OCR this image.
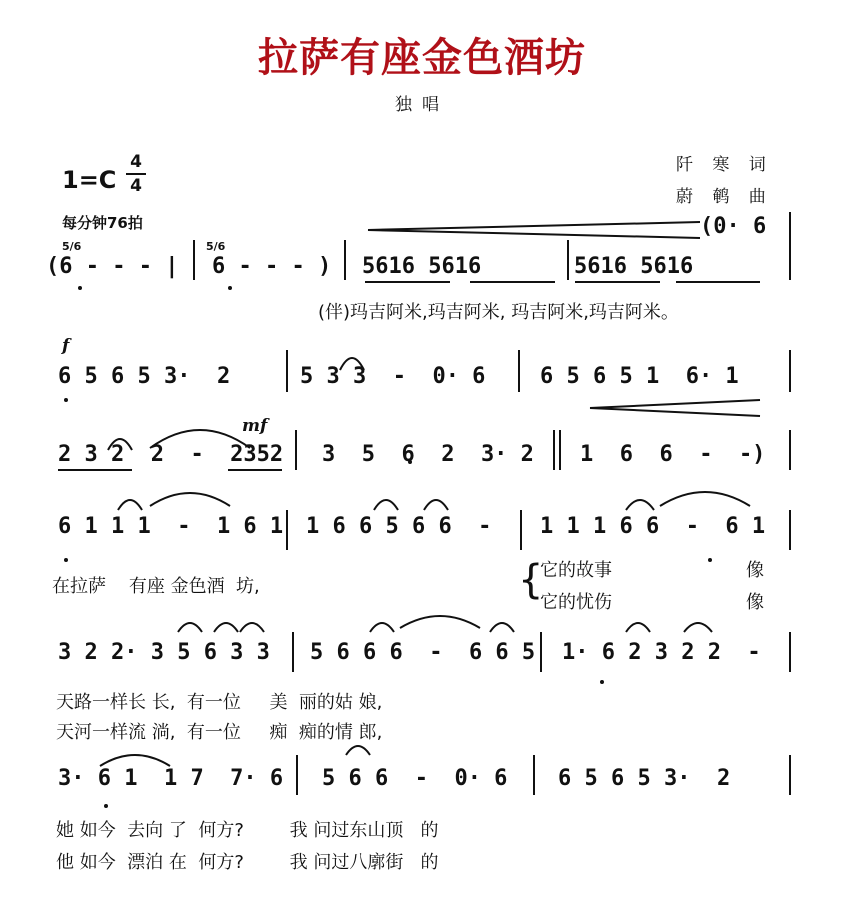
拉萨有座金色酒坊
独唱
1=C
4
4
每分钟76拍
阡 寒 词
蔚 鹌 曲
5/6
(6 - - - |
5/6
6 - - - ) 5616 5616	5616 5616
(0· 6
(伴)玛吉阿米,玛吉阿米, 玛吉阿米,玛吉阿米。
f
6 5 6 5 3·  2	5 3 3  -  0· 6 6 5 6 5 1  6· 1
mf
2 3 2  2  -  2352 3  5  6  2  3· 2 1  6  6  -  -)
6 1 1 1  -  1 6 1 1 6 6 5 6 6  - 1 1 1 6 6  -  6 1
在拉萨    有座 金色酒  坊,	{
它的故事	像
它的忧伤	像
3 2 2· 3 5 6 3 3 5 6 6 6  -  6 6 5 1· 6 2 3 2 2  -
天路一样长 长,  有一位     美  丽的姑 娘,
天河一样流 淌,  有一位     痴  痴的情 郎,
3· 6 1  1 7  7· 6 5 6 6  -  0· 6 6 5 6 5 3·  2
她 如今  去向 了  何方?        我 问过东山顶   的
他 如今  漂泊 在  何方?        我 问过八廓街   的
